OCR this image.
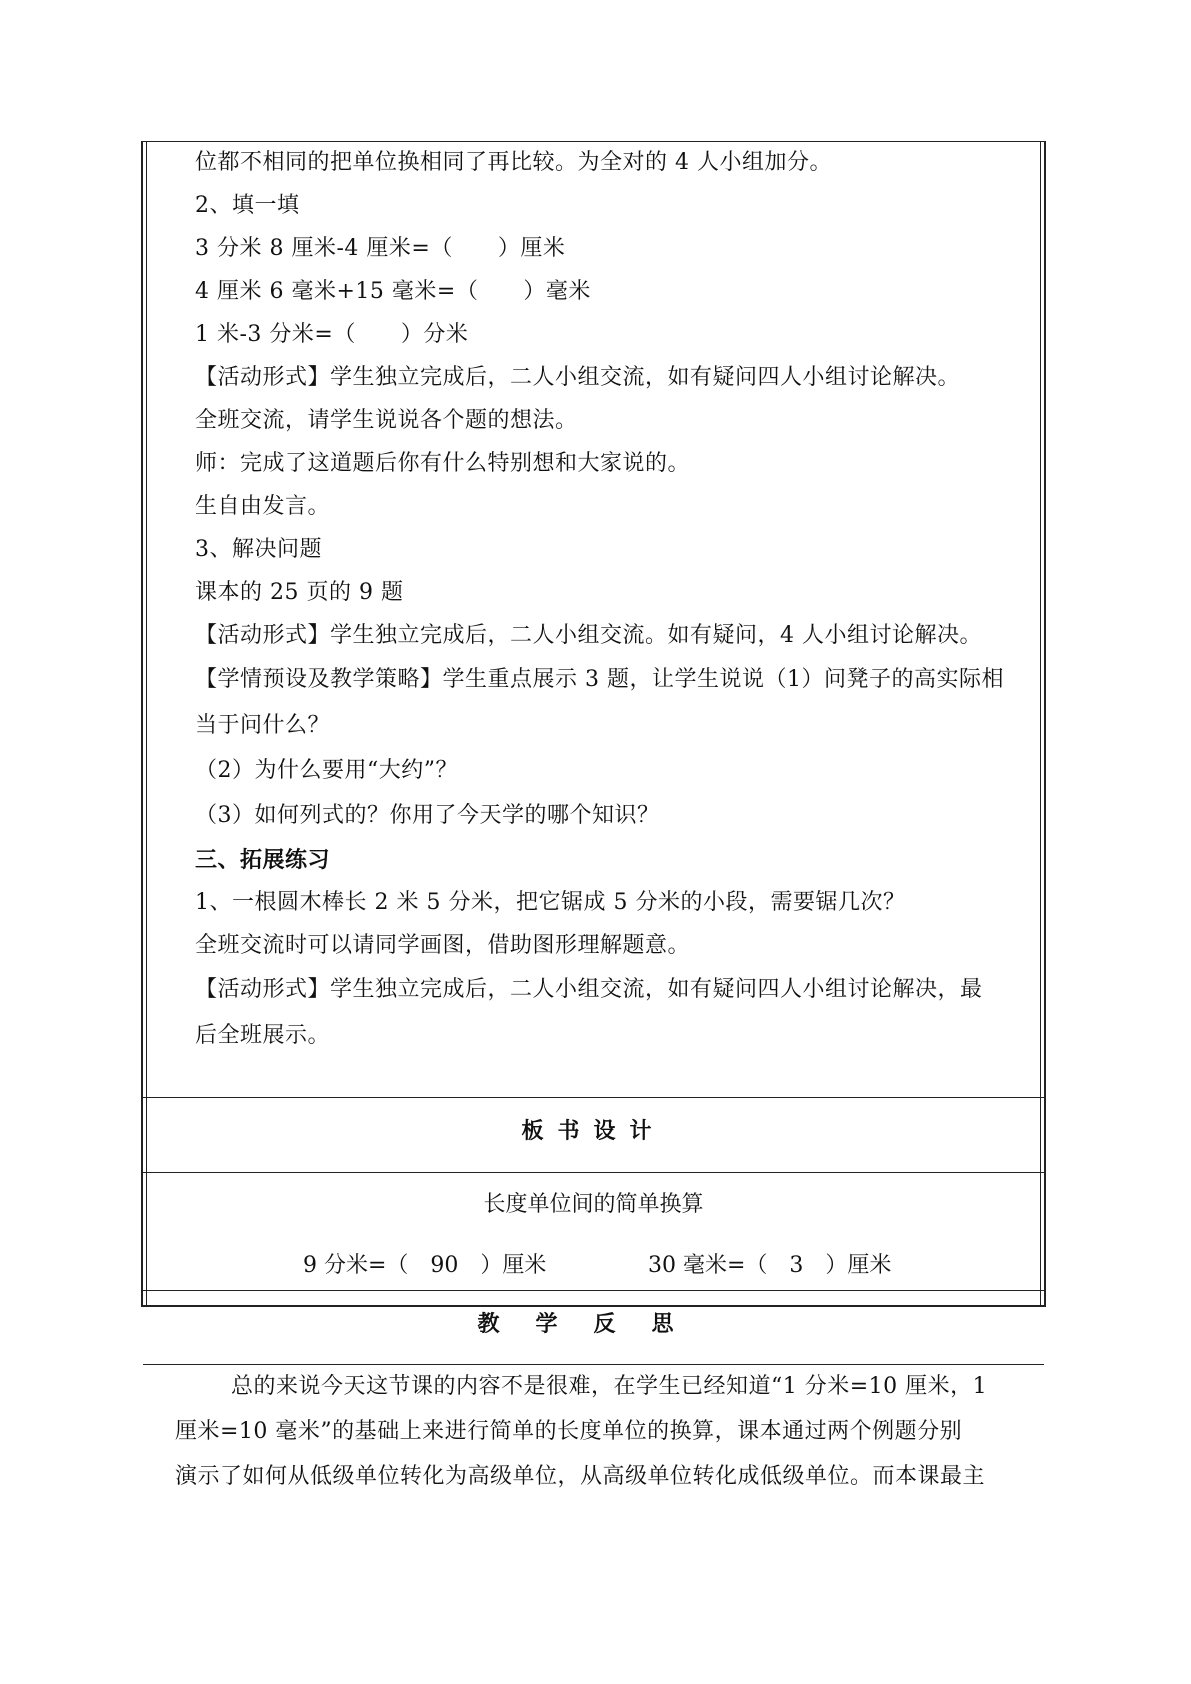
位都不相同的把单位换相同了再比较。为全对的 4 人小组加分。
2、填一填
3 分米 8 厘米-4 厘米=（　　）厘米
4 厘米 6 毫米+15 毫米=（　　）毫米
1 米-3 分米=（　　）分米
【活动形式】学生独立完成后，二人小组交流，如有疑问四人小组讨论解决。
全班交流，请学生说说各个题的想法。
师：完成了这道题后你有什么特别想和大家说的。
生自由发言。
3、解决问题
课本的 25 页的 9 题
【活动形式】学生独立完成后，二人小组交流。如有疑问，4 人小组讨论解决。
【学情预设及教学策略】学生重点展示 3 题，让学生说说（1）问凳子的高实际相
当于问什么？
（2）为什么要用“大约”？
（3）如何列式的？你用了今天学的哪个知识？
三、拓展练习
1、一根圆木棒长 2 米 5 分米，把它锯成 5 分米的小段，需要锯几次？
全班交流时可以请同学画图，借助图形理解题意。
【活动形式】学生独立完成后，二人小组交流，如有疑问四人小组讨论解决，最
后全班展示。
板书设计
长度单位间的简单换算
9 分米=（　90　）厘米	30 毫米=（　3　）厘米
教学反思
总的来说今天这节课的内容不是很难，在学生已经知道“1 分米=10 厘米，1
厘米=10 毫米”的基础上来进行简单的长度单位的换算，课本通过两个例题分别
演示了如何从低级单位转化为高级单位，从高级单位转化成低级单位。而本课最主
